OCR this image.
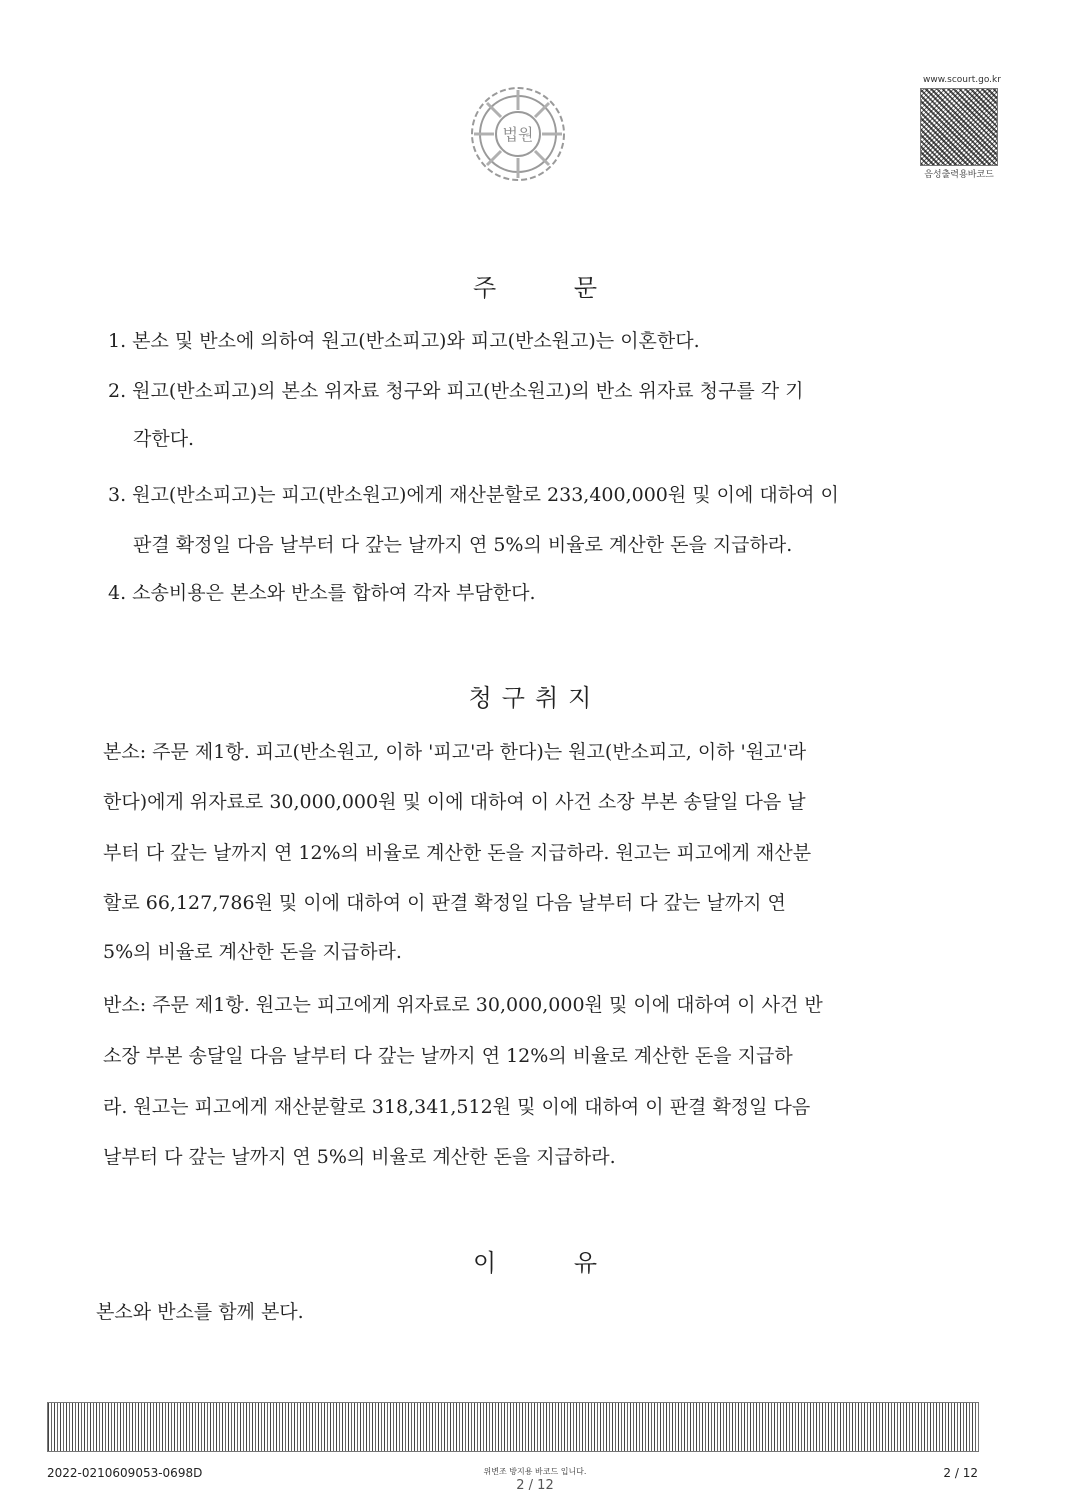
법원
www.scourt.go.kr
음성출력용바코드
주 문
1. 본소 및 반소에 의하여 원고(반소피고)와 피고(반소원고)는 이혼한다.
2. 원고(반소피고)의 본소 위자료 청구와 피고(반소원고)의 반소 위자료 청구를 각 기
각한다.
3. 원고(반소피고)는 피고(반소원고)에게 재산분할로 233,400,000원 및 이에 대하여 이
판결 확정일 다음 날부터 다 갚는 날까지 연 5%의 비율로 계산한 돈을 지급하라.
4. 소송비용은 본소와 반소를 합하여 각자 부담한다.
청구취지
본소: 주문 제1항. 피고(반소원고, 이하 '피고'라 한다)는 원고(반소피고, 이하 '원고'라
한다)에게 위자료로 30,000,000원 및 이에 대하여 이 사건 소장 부본 송달일 다음 날
부터 다 갚는 날까지 연 12%의 비율로 계산한 돈을 지급하라. 원고는 피고에게 재산분
할로 66,127,786원 및 이에 대하여 이 판결 확정일 다음 날부터 다 갚는 날까지 연
5%의 비율로 계산한 돈을 지급하라.
반소: 주문 제1항. 원고는 피고에게 위자료로 30,000,000원 및 이에 대하여 이 사건 반
소장 부본 송달일 다음 날부터 다 갚는 날까지 연 12%의 비율로 계산한 돈을 지급하
라. 원고는 피고에게 재산분할로 318,341,512원 및 이에 대하여 이 판결 확정일 다음
날부터 다 갚는 날까지 연 5%의 비율로 계산한 돈을 지급하라.
이 유
본소와 반소를 함께 본다.
2022-0210609053-0698D	위변조 방지용 바코드 입니다.
2 / 12
2 / 12
